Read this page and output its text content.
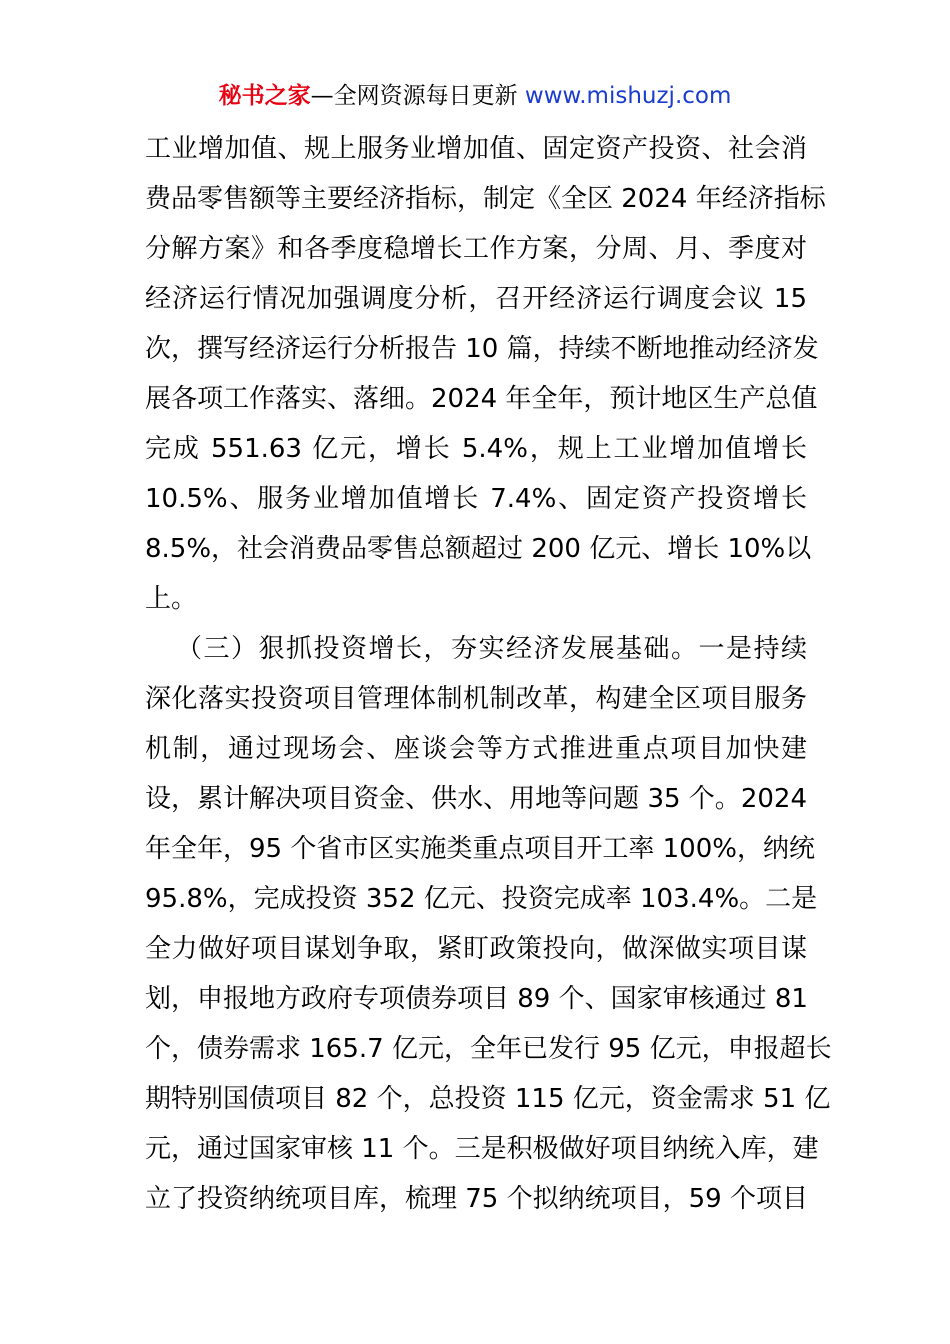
秘书之家—全网资源每日更新 www.mishuzj.com
工业增加值、规上服务业增加值、固定资产投资、社会消
费品零售额等主要经济指标，制定《全区 2024 年经济指标
分解方案》和各季度稳增长工作方案，分周、月、季度对
经济运行情况加强调度分析，召开经济运行调度会议 15
次，撰写经济运行分析报告 10 篇，持续不断地推动经济发
展各项工作落实、落细。2024 年全年，预计地区生产总值
完成 551.63 亿元，增长 5.4%，规上工业增加值增长
10.5%、服务业增加值增长 7.4%、固定资产投资增长
8.5%，社会消费品零售总额超过 200 亿元、增长 10%以
上。
（三）狠抓投资增长，夯实经济发展基础。一是持续
深化落实投资项目管理体制机制改革，构建全区项目服务
机制，通过现场会、座谈会等方式推进重点项目加快建
设，累计解决项目资金、供水、用地等问题 35 个。2024
年全年，95 个省市区实施类重点项目开工率 100%，纳统
95.8%，完成投资 352 亿元、投资完成率 103.4%。二是
全力做好项目谋划争取，紧盯政策投向，做深做实项目谋
划，申报地方政府专项债券项目 89 个、国家审核通过 81
个，债券需求 165.7 亿元，全年已发行 95 亿元，申报超长
期特别国债项目 82 个，总投资 115 亿元，资金需求 51 亿
元，通过国家审核 11 个。三是积极做好项目纳统入库，建
立了投资纳统项目库，梳理 75 个拟纳统项目，59 个项目
